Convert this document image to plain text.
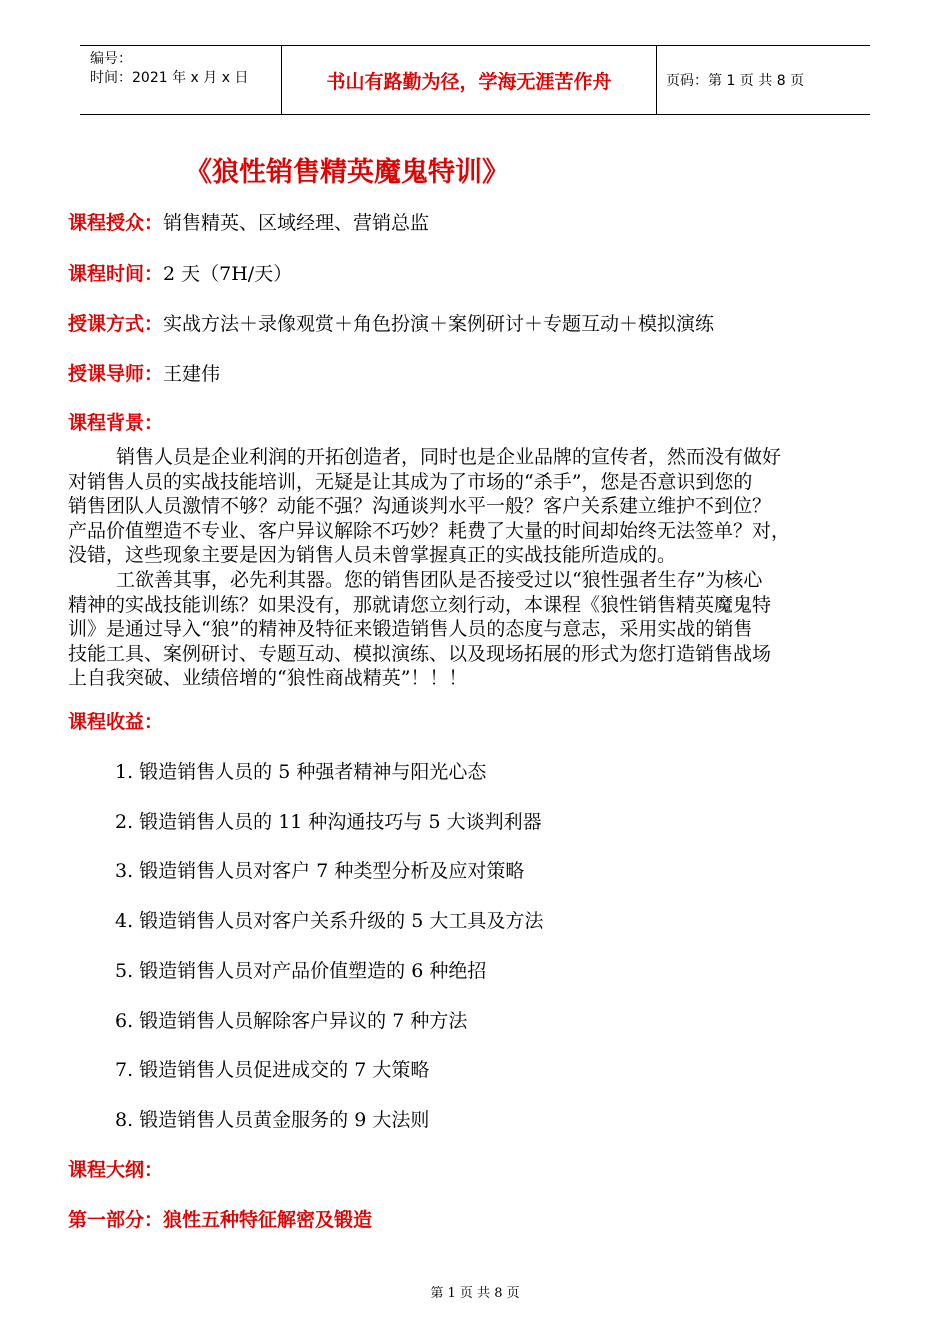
编号：
时间：2021 年 x 月 x 日	书山有路勤为径，学海无涯苦作舟	页码：第 1 页 共 8 页
《狼性销售精英魔鬼特训》
课程授众：销售精英、区域经理、营销总监
课程时间：2 天（7H/天）
授课方式：实战方法＋录像观赏＋角色扮演＋案例研讨＋专题互动＋模拟演练
授课导师：王建伟
课程背景：
销售人员是企业利润的开拓创造者，同时也是企业品牌的宣传者，然而没有做好
对销售人员的实战技能培训，无疑是让其成为了市场的“杀手”，您是否意识到您的
销售团队人员激情不够？动能不强？沟通谈判水平一般？客户关系建立维护不到位？
产品价值塑造不专业、客户异议解除不巧妙？耗费了大量的时间却始终无法签单？对，
没错，这些现象主要是因为销售人员未曾掌握真正的实战技能所造成的。
工欲善其事，必先利其器。您的销售团队是否接受过以“狼性强者生存”为核心
精神的实战技能训练？如果没有，那就请您立刻行动，本课程《狼性销售精英魔鬼特
训》是通过导入“狼”的精神及特征来锻造销售人员的态度与意志，采用实战的销售
技能工具、案例研讨、专题互动、模拟演练、以及现场拓展的形式为您打造销售战场
上自我突破、业绩倍增的“狼性商战精英”！！！
课程收益：
1. 锻造销售人员的 5 种强者精神与阳光心态
2. 锻造销售人员的 11 种沟通技巧与 5 大谈判利器
3. 锻造销售人员对客户 7 种类型分析及应对策略
4. 锻造销售人员对客户关系升级的 5 大工具及方法
5. 锻造销售人员对产品价值塑造的 6 种绝招
6. 锻造销售人员解除客户异议的 7 种方法
7. 锻造销售人员促进成交的 7 大策略
8. 锻造销售人员黄金服务的 9 大法则
课程大纲：
第一部分：狼性五种特征解密及锻造
第 1 页 共 8 页
